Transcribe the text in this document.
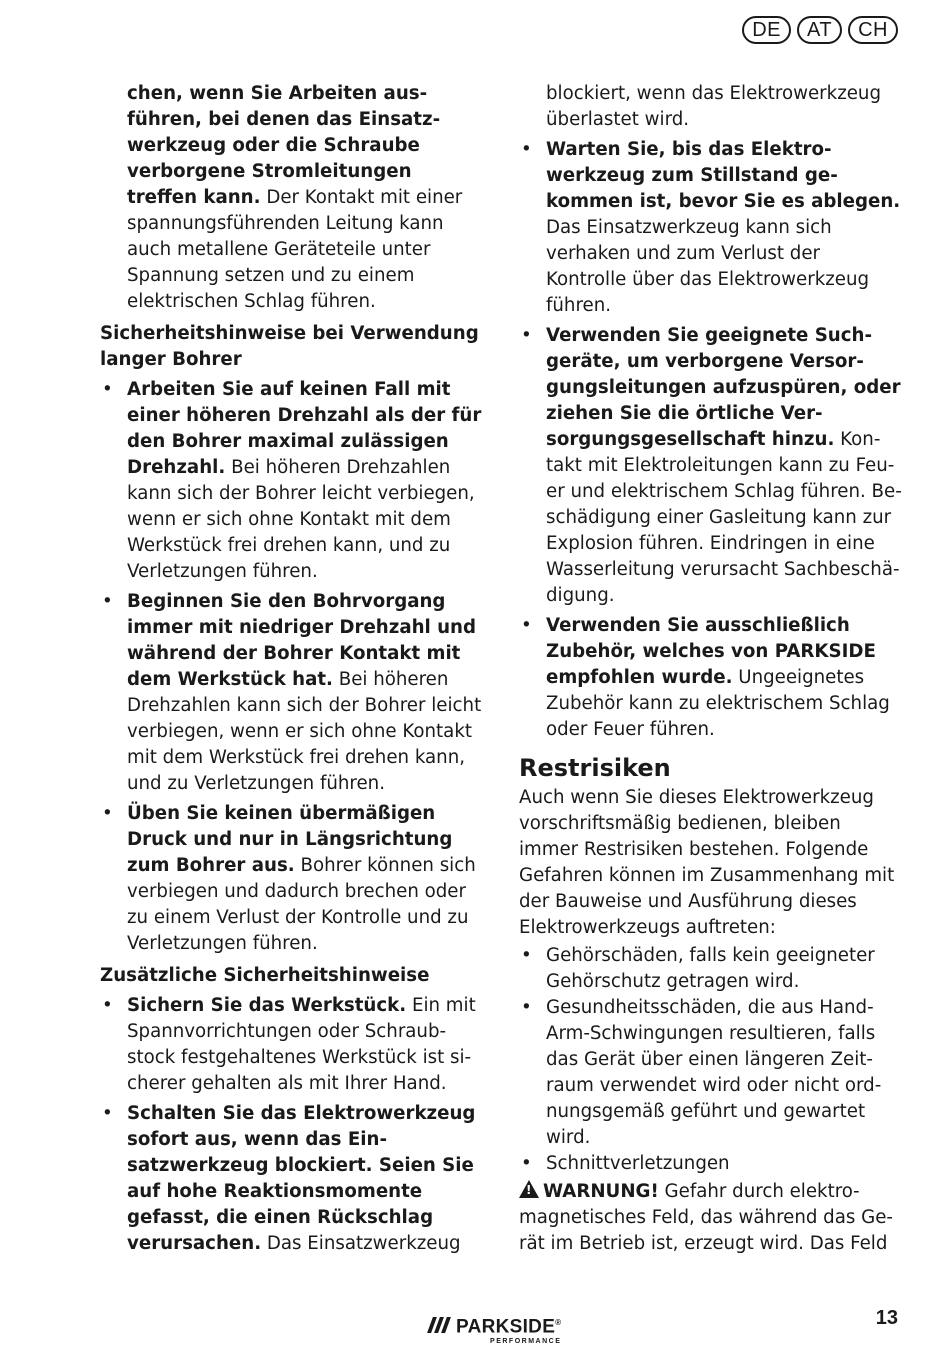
DE	AT	CH

chen, wenn Sie Arbeiten ausführen, bei denen das Einsatzwerkzeug oder die Schraube verborgene Stromleitungen treffen kann. Der Kontakt mit einer spannungsführenden Leitung kann auch metallene Geräteteile unter Spannung setzen und zu einem elektrischen Schlag führen.

Sicherheitshinweise bei Verwendung langer Bohrer

• Arbeiten Sie auf keinen Fall mit einer höheren Drehzahl als der für den Bohrer maximal zulässigen Drehzahl. Bei höheren Drehzahlen kann sich der Bohrer leicht verbiegen, wenn er sich ohne Kontakt mit dem Werkstück frei drehen kann, und zu Verletzungen führen.
• Beginnen Sie den Bohrvorgang immer mit niedriger Drehzahl und während der Bohrer Kontakt mit dem Werkstück hat. Bei höheren Drehzahlen kann sich der Bohrer leicht verbiegen, wenn er sich ohne Kontakt mit dem Werkstück frei drehen kann, und zu Verletzungen führen.
• Üben Sie keinen übermäßigen Druck und nur in Längsrichtung zum Bohrer aus. Bohrer können sich verbiegen und dadurch brechen oder zu einem Verlust der Kontrolle und zu Verletzungen führen.

Zusätzliche Sicherheitshinweise

• Sichern Sie das Werkstück. Ein mit Spannvorrichtungen oder Schraubstock festgehaltenes Werkstück ist sicherer gehalten als mit Ihrer Hand.
• Schalten Sie das Elektrowerkzeug sofort aus, wenn das Einsatzwerkzeug blockiert. Seien Sie auf hohe Reaktionsmomente gefasst, die einen Rückschlag verursachen. Das Einsatzwerkzeug

blockiert, wenn das Elektrowerkzeug überlastet wird.

• Warten Sie, bis das Elektrowerkzeug zum Stillstand gekommen ist, bevor Sie es ablegen. Das Einsatzwerkzeug kann sich verhaken und zum Verlust der Kontrolle über das Elektrowerkzeug führen.
• Verwenden Sie geeignete Suchgeräte, um verborgene Versorgungsleitungen aufzuspüren, oder ziehen Sie die örtliche Versorgungsgesellschaft hinzu. Kontakt mit Elektroleitungen kann zu Feuer und elektrischem Schlag führen. Beschädigung einer Gasleitung kann zur Explosion führen. Eindringen in eine Wasserleitung verursacht Sachbeschädigung.
• Verwenden Sie ausschließlich Zubehör, welches von PARKSIDE empfohlen wurde. Ungeeignetes Zubehör kann zu elektrischem Schlag oder Feuer führen.
Restrisiken

Auch wenn Sie dieses Elektrowerkzeug vorschriftsmäßig bedienen, bleiben immer Restrisiken bestehen. Folgende Gefahren können im Zusammenhang mit der Bauweise und Ausführung dieses Elektrowerkzeugs auftreten:

• Gehörschäden, falls kein geeigneter Gehörschutz getragen wird.
• Gesundheitsschäden, die aus Hand-Arm-Schwingungen resultieren, falls das Gerät über einen längeren Zeitraum verwendet wird oder nicht ordnungsgemäß geführt und gewartet wird.
• Schnittverletzungen

!WARNUNG! Gefahr durch elektromagnetisches Feld, das während das Gerät im Betrieb ist, erzeugt wird. Das Feld

PARKSIDE®
PERFORMANCE
13
